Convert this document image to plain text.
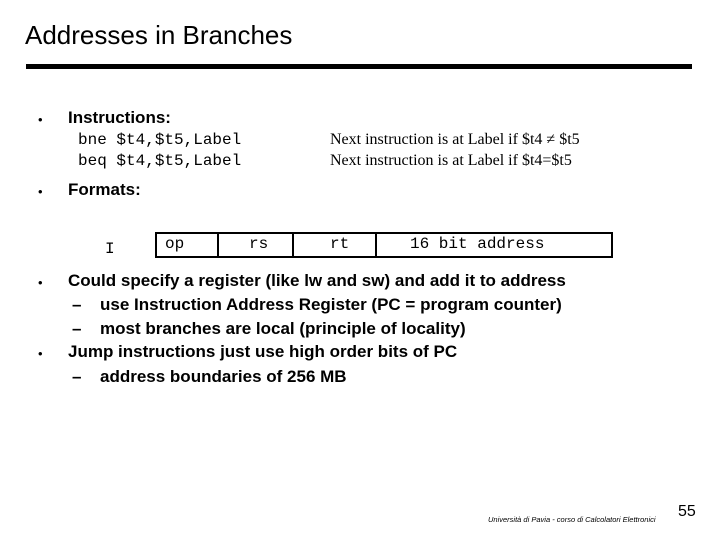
Addresses in Branches
• Instructions:
bne $t4,$t5,Label	Next instruction is at Label if $t4 ≠ $t5
beq $t4,$t5,Label	Next instruction is at Label if $t4=$t5
• Formats:
I	op	rs	rt	16 bit address
• Could specify a register (like lw and sw) and add it to address
– use Instruction Address Register (PC = program counter)
– most branches are local (principle of locality)
• Jump instructions just use high order bits of PC
– address boundaries of 256 MB
Università di Pavia - corso di Calcolatori Elettronici 55
